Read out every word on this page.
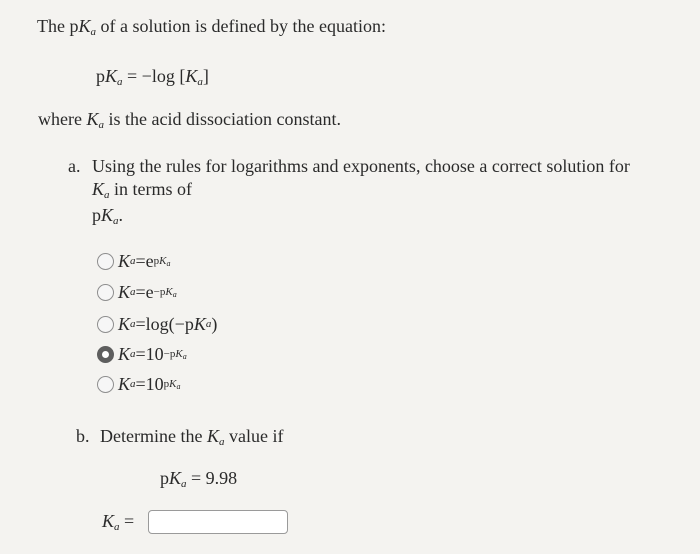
The $pK_a$ of a solution is defined by the equation:
$pK_a = -\log$ $[K_a]$
where $K_a$ is the acid dissociation constant.
a. Using the rules for logarithms and exponents, choose a correct solution for
$K_a$ in terms of
$pK_a$.
K a = e $pK_a$
K $a = e -pK_a$
K a = log(−p K a )
K $a = 10 -pK_a$
K a = 10 $pK_a$
b. Determine the $K_a$ value if
$pK_a = 9.98$
$K_a$ =
